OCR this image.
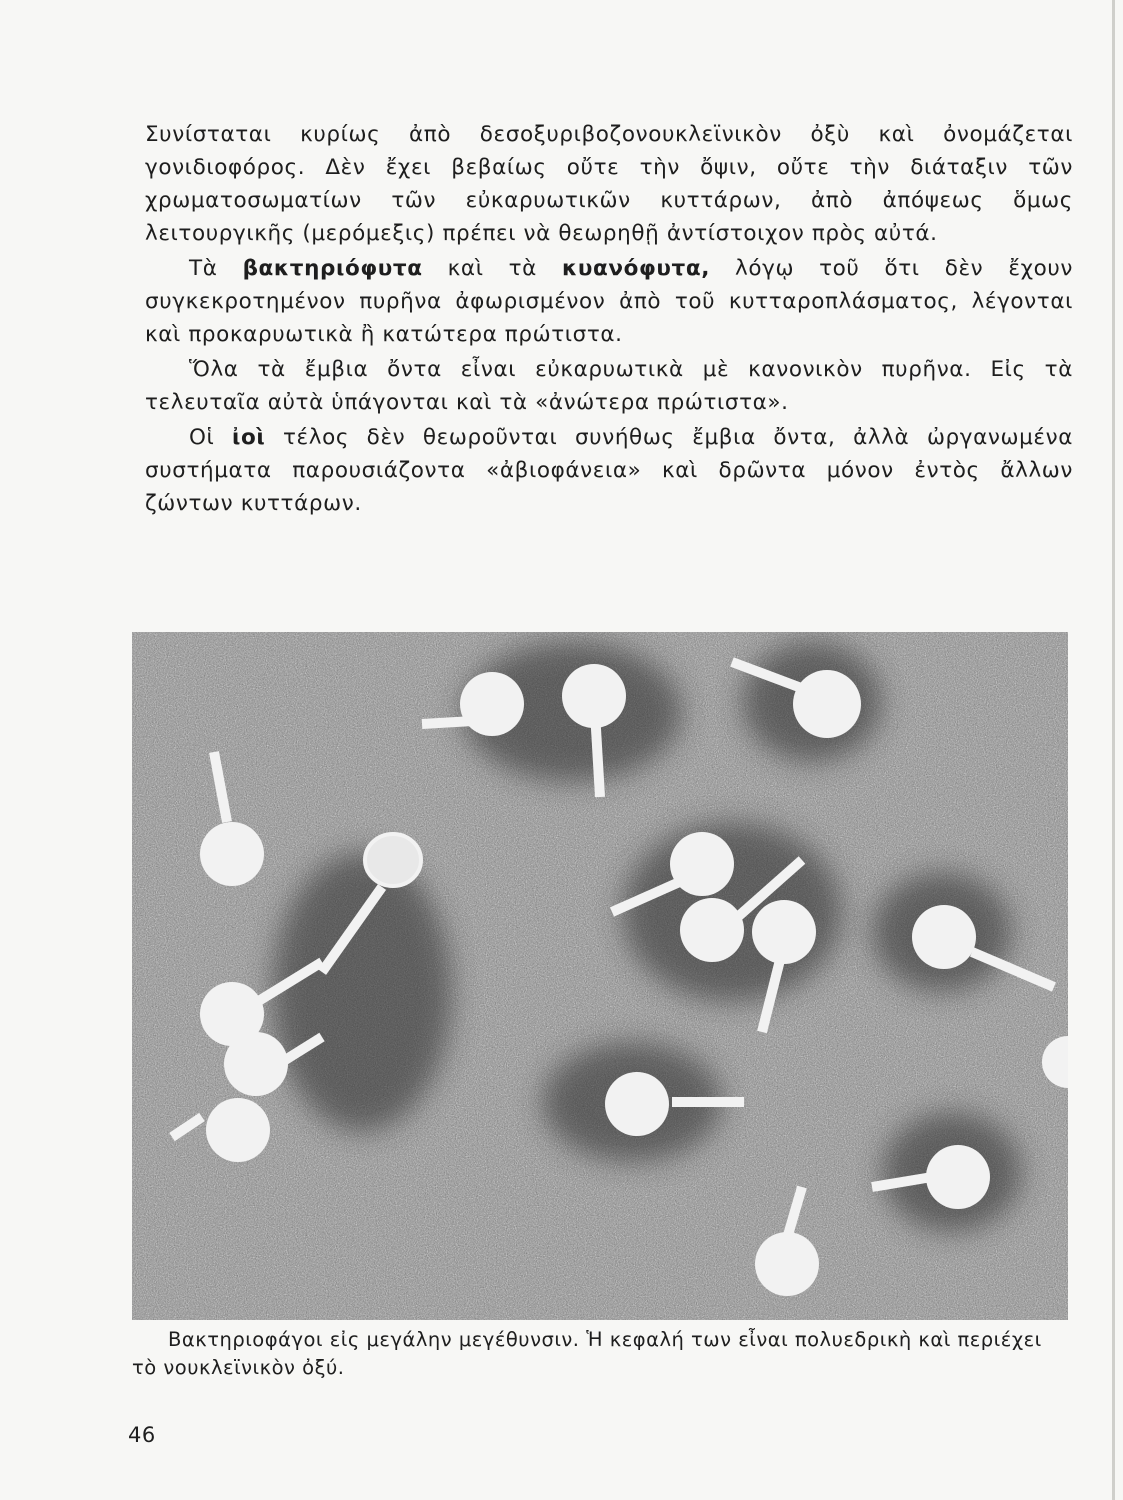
Συνίσταται κυρίως ἀπὸ δεσοξυριβοζονουκλεϊνικὸν ὀξὺ καὶ ὀνομάζεται γονιδιοφόρος. Δὲν ἔχει βεβαίως οὔτε τὴν ὄψιν, οὔτε τὴν διάταξιν τῶν χρωματοσωματίων τῶν εὐκαρυωτικῶν κυττάρων, ἀπὸ ἀπόψεως ὅμως λειτουργικῆς (μερόμεξις) πρέπει νὰ θεωρηθῇ ἀντίστοιχον πρὸς αὐτά.

Τὰ βακτηριόφυτα καὶ τὰ κυανόφυτα, λόγῳ τοῦ ὅτι δὲν ἔχουν συγκεκροτημένον πυρῆνα ἀφωρισμένον ἀπὸ τοῦ κυτταροπλάσματος, λέγονται καὶ προκαρυωτικὰ ἢ κατώτερα πρώτιστα.

Ὅλα τὰ ἔμβια ὄντα εἶναι εὐκαρυωτικὰ μὲ κανονικὸν πυρῆνα. Εἰς τὰ τελευταῖα αὐτὰ ὑπάγονται καὶ τὰ «ἀνώτερα πρώτιστα».

Οἱ ἰοὶ τέλος δὲν θεωροῦνται συνήθως ἔμβια ὄντα, ἀλλὰ ὠργανωμένα συστήματα παρουσιάζοντα «ἀβιοφάνεια» καὶ δρῶντα μόνον ἐντὸς ἄλλων ζώντων κυττάρων.

Βακτηριοφάγοι εἰς μεγάλην μεγέθυνσιν. Ἡ κεφαλή των εἶναι πολυεδρικὴ καὶ περιέχει τὸ νουκλεϊνικὸν ὀξύ.
46
